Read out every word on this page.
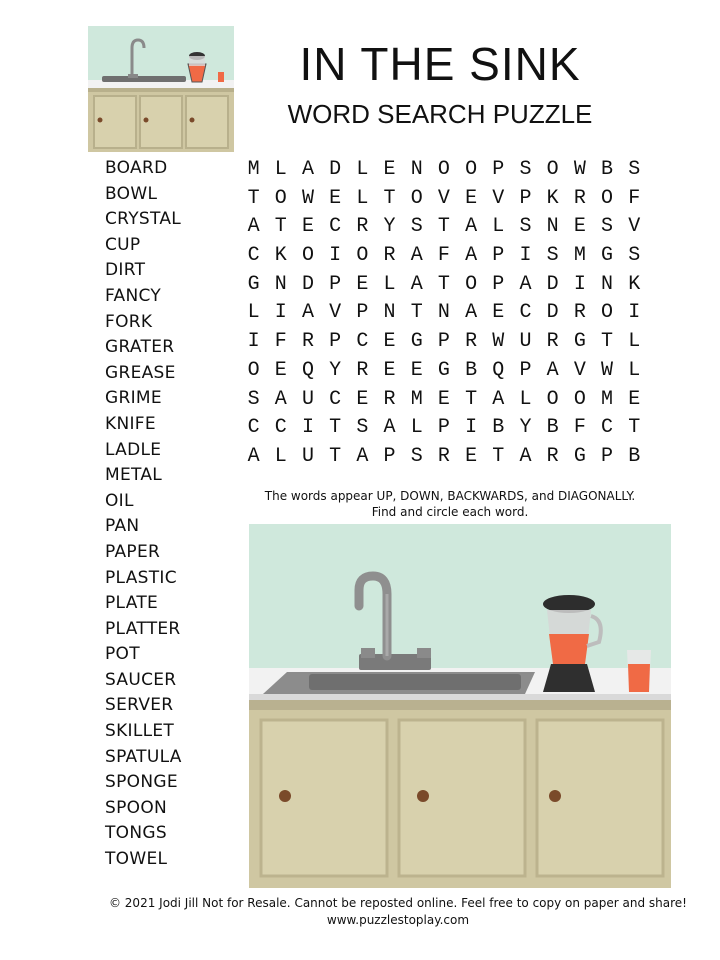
IN THE SINK
WORD SEARCH PUZZLE
BOARD
BOWL
CRYSTAL
CUP
DIRT
FANCY
FORK
GRATER
GREASE
GRIME
KNIFE
LADLE
METAL
OIL
PAN
PAPER
PLASTIC
PLATE
PLATTER
POT
SAUCER
SERVER
SKILLET
SPATULA
SPONGE
SPOON
TONGS
TOWEL
M L A D L E N O O P S O W B S
T O W E L T O V E V P K R O F
A T E C R Y S T A L S N E S V
C K O I O R A F A P I S M G S
G N D P E L A T O P A D I N K
L I A V P N T N A E C D R O I
I F R P C E G P R W U R G T L
O E Q Y R E E G B Q P A V W L
S A U C E R M E T A L O O M E
C C I T S A L P I B Y B F C T
A L U T A P S R E T A R G P B
The words appear UP, DOWN, BACKWARDS, and DIAGONALLY.
Find and circle each word.
© 2021 Jodi Jill Not for Resale. Cannot be reposted online. Feel free to copy on paper and share!
www.puzzlestoplay.com
